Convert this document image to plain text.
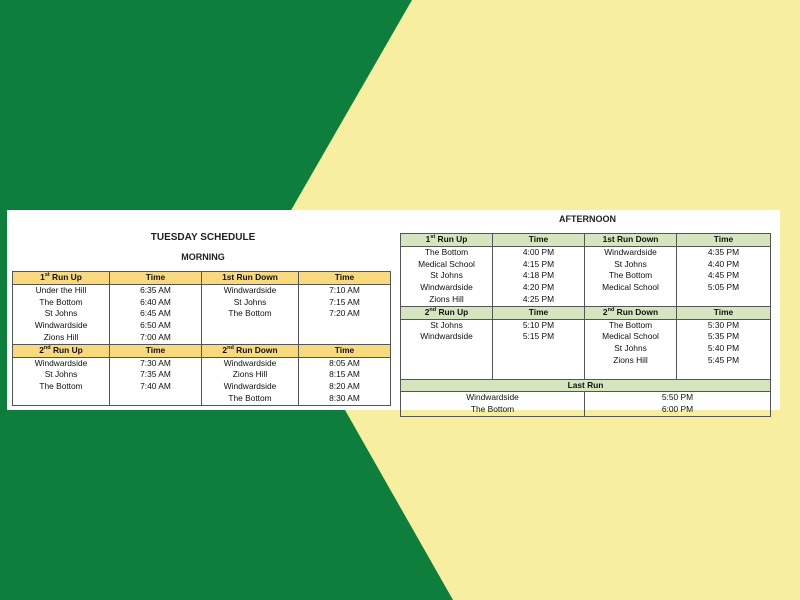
TUESDAY SCHEDULE
MORNING
1st Run Up	Time	1st Run Down	Time
Under the Hill	6:35 AM	Windwardside	7:10 AM
The Bottom	6:40 AM	St Johns	7:15 AM
St Johns	6:45 AM	The Bottom	7:20 AM
Windwardside	6:50 AM		
Zions Hill	7:00 AM		
2nd Run Up	Time	2nd Run Down	Time
Windwardside	7:30 AM	Windwardside	8:05 AM
St Johns	7:35 AM	Zions Hill	8:15 AM
The Bottom	7:40 AM	Windwardside	8:20 AM
		The Bottom	8:30 AM
AFTERNOON
1st Run Up	Time	1st Run Down	Time
The Bottom	4:00 PM	Windwardside	4:35 PM
Medical School	4:15 PM	St Johns	4:40 PM
St Johns	4:18 PM	The Bottom	4:45 PM
Windwardside	4:20 PM	Medical School	5:05 PM
Zions Hill	4:25 PM		
2nd Run Up	Time	2nd Run Down	Time
St Johns	5:10 PM	The Bottom	5:30 PM
Windwardside	5:15 PM	Medical School	5:35 PM
		St Johns	5:40 PM
		Zions Hill	5:45 PM

Last Run			
Windwardside		5:50 PM	
The Bottom		6:00 PM	
